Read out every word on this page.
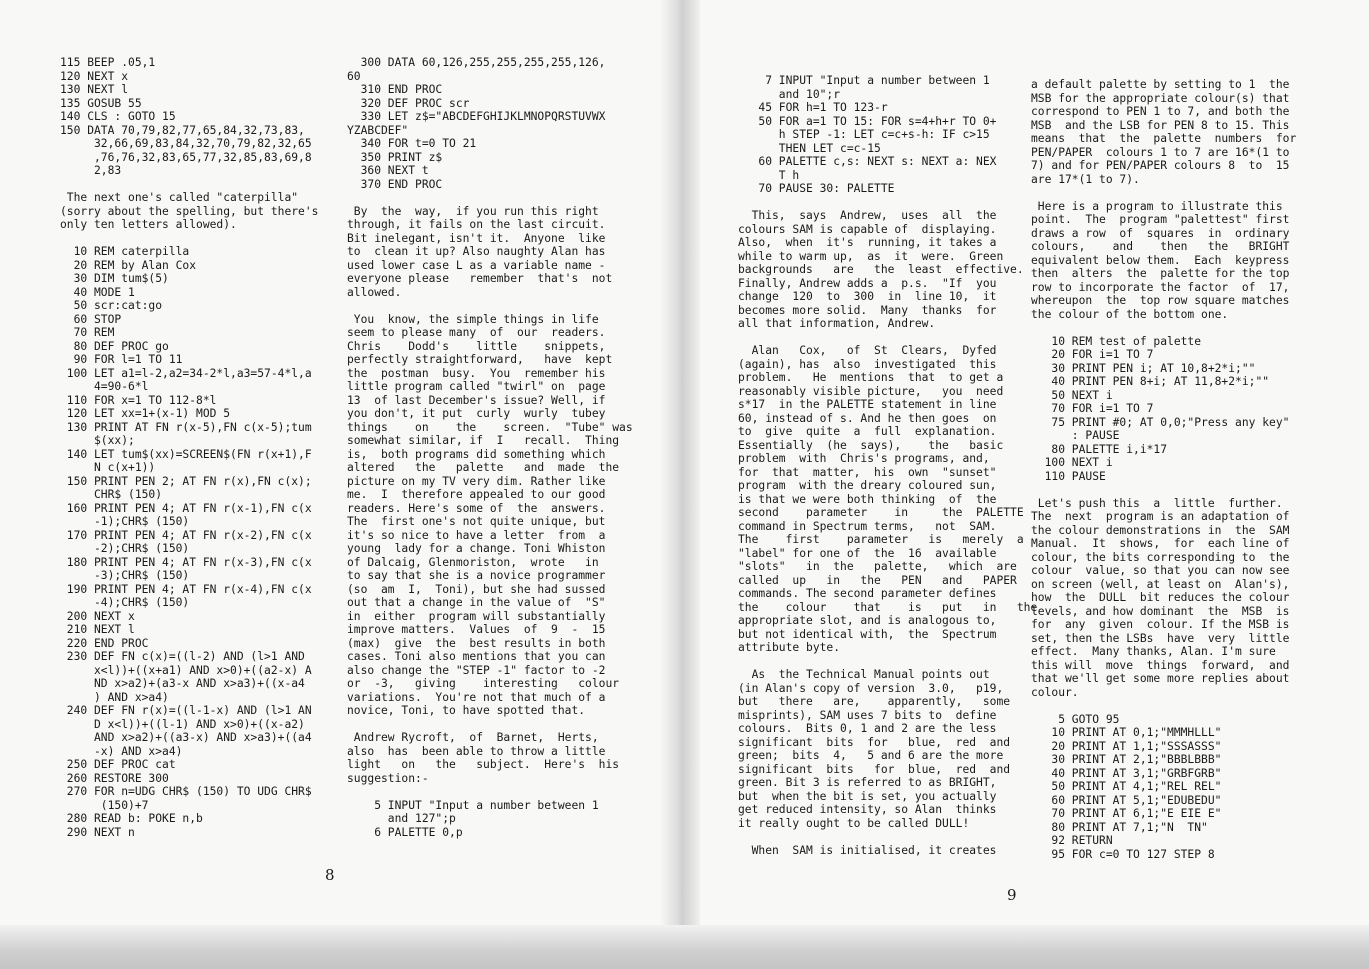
115 BEEP .05,1
120 NEXT x
130 NEXT l
135 GOSUB 55
140 CLS : GOTO 15
150 DATA 70,79,82,77,65,84,32,73,83,
32,66,69,83,84,32,70,79,82,32,65
,76,76,32,83,65,77,32,85,83,69,8
2,83
The next one's called "caterpilla"
(sorry about the spelling, but there's
only ten letters allowed).
10 REM caterpilla
20 REM by Alan Cox
30 DIM tum$(5)
40 MODE 1
50 scr:cat:go
60 STOP
70 REM
80 DEF PROC go
90 FOR l=1 TO 11
100 LET a1=l-2,a2=34-2*l,a3=57-4*l,a
4=90-6*l
110 FOR x=1 TO 112-8*l
120 LET xx=1+(x-1) MOD 5
130 PRINT AT FN r(x-5),FN c(x-5);tum
$(xx);
140 LET tum$(xx)=SCREEN$(FN r(x+1),F
N c(x+1))
150 PRINT PEN 2; AT FN r(x),FN c(x);
CHR$ (150)
160 PRINT PEN 4; AT FN r(x-1),FN c(x
-1);CHR$ (150)
170 PRINT PEN 4; AT FN r(x-2),FN c(x
-2);CHR$ (150)
180 PRINT PEN 4; AT FN r(x-3),FN c(x
-3);CHR$ (150)
190 PRINT PEN 4; AT FN r(x-4),FN c(x
-4);CHR$ (150)
200 NEXT x
210 NEXT l
220 END PROC
230 DEF FN c(x)=((l-2) AND (l>1 AND
x<l))+((x+a1) AND x>0)+((a2-x) A
ND x>a2)+(a3-x AND x>a3)+((x-a4
) AND x>a4)
240 DEF FN r(x)=((l-1-x) AND (l>1 AN
D x<l))+((l-1) AND x>0)+((x-a2)
AND x>a2)+((a3-x) AND x>a3)+((a4
-x) AND x>a4)
250 DEF PROC cat
260 RESTORE 300
270 FOR n=UDG CHR$ (150) TO UDG CHR$
(150)+7
280 READ b: POKE n,b
290 NEXT n
300 DATA 60,126,255,255,255,255,126,
60
310 END PROC
320 DEF PROC scr
330 LET z$="ABCDEFGHIJKLMNOPQRSTUVWX
YZABCDEF"
340 FOR t=0 TO 21
350 PRINT z$
360 NEXT t
370 END PROC
By  the  way,  if you run this right
through, it fails on the last circuit.
Bit inelegant, isn't it.  Anyone  like
to  clean it up? Also naughty Alan has
used lower case L as a variable name -
everyone please   remember  that's  not
allowed.
You  know, the simple things in life
seem to please many  of  our  readers.
Chris    Dodd's    little    snippets,
perfectly straightforward,   have  kept
the  postman  busy.  You  remember his
little program called "twirl" on  page
13  of last December's issue? Well, if
you don't, it put  curly  wurly  tubey
things    on    the    screen.  "Tube" was
somewhat similar, if  I   recall.  Thing
is,  both programs did something which
altered   the   palette   and  made  the
picture on my TV very dim. Rather like
me.  I  therefore appealed to our good
readers. Here's some of  the  answers.
The  first one's not quite unique, but
it's so nice to have a letter  from  a
young  lady for a change. Toni Whiston
of Dalcaig, Glenmoriston,  wrote   in
to say that she is a novice programmer
(so  am  I,  Toni), but she had sussed
out that a change in the value of  "S"
in  either  program will substantially
improve matters.  Values  of  9  -  15
(max)  give  the  best results in both
cases. Toni also mentions that you can
also change the "STEP -1" factor to -2
or  -3,   giving    interesting   colour
variations.  You're not that much of a
novice, Toni, to have spotted that.
Andrew Rycroft,  of  Barnet,  Herts,
also  has  been able to throw a little
light   on   the   subject.  Here's  his
suggestion:-
5 INPUT "Input a number between 1
and 127";p
6 PALETTE 0,p
7 INPUT "Input a number between 1
and 10";r
45 FOR h=1 TO 123-r
50 FOR a=1 TO 15: FOR s=4+h+r TO 0+
h STEP -1: LET c=c+s-h: IF c>15
THEN LET c=c-15
60 PALETTE c,s: NEXT s: NEXT a: NEX
T h
70 PAUSE 30: PALETTE
This,  says  Andrew,  uses  all  the
colours SAM is capable of  displaying.
Also,  when  it's  running, it takes a
while to warm up,  as  it  were.  Green
backgrounds   are   the  least  effective.
Finally, Andrew adds a  p.s.  "If  you
change  120  to  300  in  line 10,  it
becomes more solid.  Many  thanks  for
all that information, Andrew.
Alan   Cox,   of  St  Clears,  Dyfed
(again), has  also  investigated  this
problem.   He  mentions  that  to get a
reasonably visible picture,   you  need
s*17  in the PALETTE statement in line
60, instead of s. And he then goes  on
to  give  quite  a  full  explanation.
Essentially  (he  says),    the   basic
problem  with  Chris's programs, and,
for  that  matter,  his  own  "sunset"
program  with the dreary coloured sun,
is that we were both thinking  of  the
second    parameter    in     the  PALETTE
command in Spectrum terms,   not  SAM.
The    first    parameter   is   merely  a
"label" for one of  the  16  available
"slots"   in  the   palette,   which  are
called  up   in   the   PEN   and   PAPER
commands. The second parameter defines
the    colour    that    is   put   in   the
appropriate slot, and is analogous to,
but not identical with,  the  Spectrum
attribute byte.
As  the Technical Manual points out
(in Alan's copy of version  3.0,   p19,
but   there   are,    apparently,   some
misprints), SAM uses 7 bits to  define
colours.  Bits 0, 1 and 2 are the less
significant  bits  for   blue,  red  and
green;  bits  4,   5 and 6 are the more
significant  bits   for  blue,  red  and
green. Bit 3 is referred to as BRIGHT,
but  when the bit is set, you actually
get reduced intensity, so Alan  thinks
it really ought to be called DULL!
When  SAM is initialised, it creates
a default palette by setting to 1  the
MSB for the appropriate colour(s) that
correspond to PEN 1 to 7, and both the
MSB  and the LSB for PEN 8 to 15. This
means  that  the  palette  numbers  for
PEN/PAPER  colours 1 to 7 are 16*(1 to
7) and for PEN/PAPER colours 8  to  15
are 17*(1 to 7).
Here is a program to illustrate this
point.  The  program "palettest" first
draws a row  of  squares  in  ordinary
colours,    and    then   the   BRIGHT
equivalent below them.  Each  keypress
then  alters  the  palette for the top
row to incorporate the factor  of  17,
whereupon  the  top row square matches
the colour of the bottom one.
10 REM test of palette
20 FOR i=1 TO 7
30 PRINT PEN i; AT 10,8+2*i;""
40 PRINT PEN 8+i; AT 11,8+2*i;""
50 NEXT i
70 FOR i=1 TO 7
75 PRINT #0; AT 0,0;"Press any key"
: PAUSE
80 PALETTE i,i*17
100 NEXT i
110 PAUSE
Let's push this  a  little  further.
The  next  program is an adaptation of
the colour demonstrations in  the  SAM
Manual.  It  shows,  for  each line of
colour, the bits corresponding to  the
colour  value, so that you can now see
on screen (well, at least on  Alan's),
how  the  DULL  bit reduces the colour
levels, and how dominant  the  MSB  is
for  any  given  colour. If the MSB is
set, then the LSBs  have  very  little
effect.  Many thanks, Alan. I'm sure
this will  move  things  forward,  and
that we'll get some more replies about
colour.
5 GOTO 95
10 PRINT AT 0,1;"MMMHLLL"
20 PRINT AT 1,1;"SSSASSS"
30 PRINT AT 2,1;"BBBLBBB"
40 PRINT AT 3,1;"GRBFGRB"
50 PRINT AT 4,1;"REL REL"
60 PRINT AT 5,1;"EDUBEDU"
70 PRINT AT 6,1;"E EIE E"
80 PRINT AT 7,1;"N  TN"
92 RETURN
95 FOR c=0 TO 127 STEP 8
8
9
